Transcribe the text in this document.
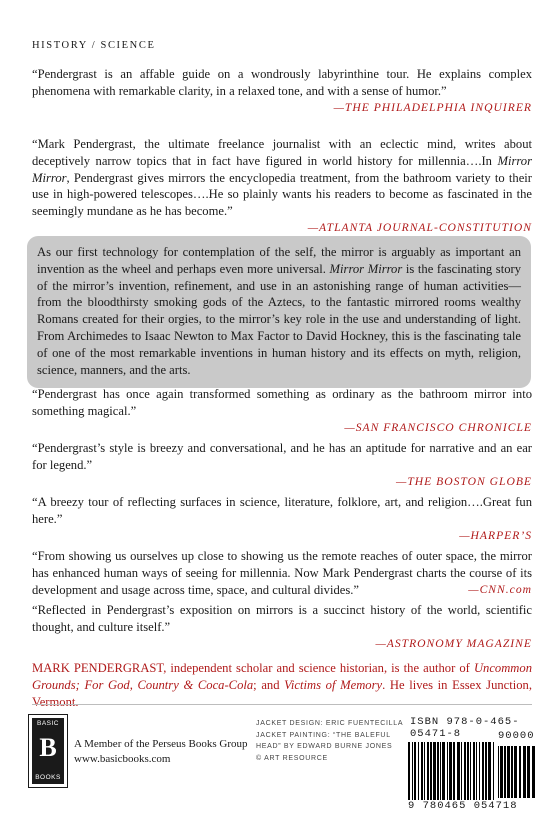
HISTORY / SCIENCE

“Pendergrast is an affable guide on a wondrously labyrinthine tour. He explains complex phenomena with remarkable clarity, in a relaxed tone, and with a sense of humor.”

—THE PHILADELPHIA INQUIRER

“Mark Pendergrast, the ultimate freelance journalist with an eclectic mind, writes about deceptively narrow topics that in fact have figured in world history for millennia….In Mirror Mirror, Pendergrast gives mirrors the encyclopedia treatment, from the bathroom variety to their use in high-powered telescopes….He so plainly wants his readers to become as fascinated in the seemingly mundane as he has become.”

—ATLANTA JOURNAL-CONSTITUTION
As our first technology for contemplation of the self, the mirror is arguably as important an invention as the wheel and perhaps even more universal. Mirror Mirror is the fascinating story of the mirror’s invention, refinement, and use in an astonishing range of human activities—from the bloodthirsty smoking gods of the Aztecs, to the fantastic mirrored rooms wealthy Romans created for their orgies, to the mirror’s key role in the use and understanding of light. From Archimedes to Isaac Newton to Max Factor to David Hockney, this is the fascinating tale of one of the most remarkable inventions in human history and its effects on myth, religion, science, manners, and the arts.

“Pendergrast has once again transformed something as ordinary as the bathroom mirror into something magical.”

—SAN FRANCISCO CHRONICLE

“Pendergrast’s style is breezy and conversational, and he has an aptitude for narrative and an ear for legend.”

—THE BOSTON GLOBE

“A breezy tour of reflecting surfaces in science, literature, folklore, art, and religion….Great fun here.”

—HARPER’S

“From showing us ourselves up close to showing us the remote reaches of outer space, the mirror has enhanced human ways of seeing for millennia. Now Mark Pendergrast charts the course of its development and usage across time, space, and cultural divides.”	—CNN.com

“Reflected in Pendergrast’s exposition on mirrors is a succinct history of the world, scientific thought, and culture itself.”

—ASTRONOMY MAGAZINE
MARK PENDERGRAST, independent scholar and science historian, is the author of Uncommon Grounds; For God, Country & Coca-Cola; and Victims of Memory. He lives in Essex Junction, Vermont.
BASIC
B
BOOKS
A Member of the Perseus Books Group
www.basicbooks.com
JACKET DESIGN: ERIC FUENTECILLA
JACKET PAINTING: “THE BALEFUL
HEAD” BY EDWARD BURNE JONES
© ART RESOURCE
ISBN 978-0-465-05471-8	90000
9 780465 054718
